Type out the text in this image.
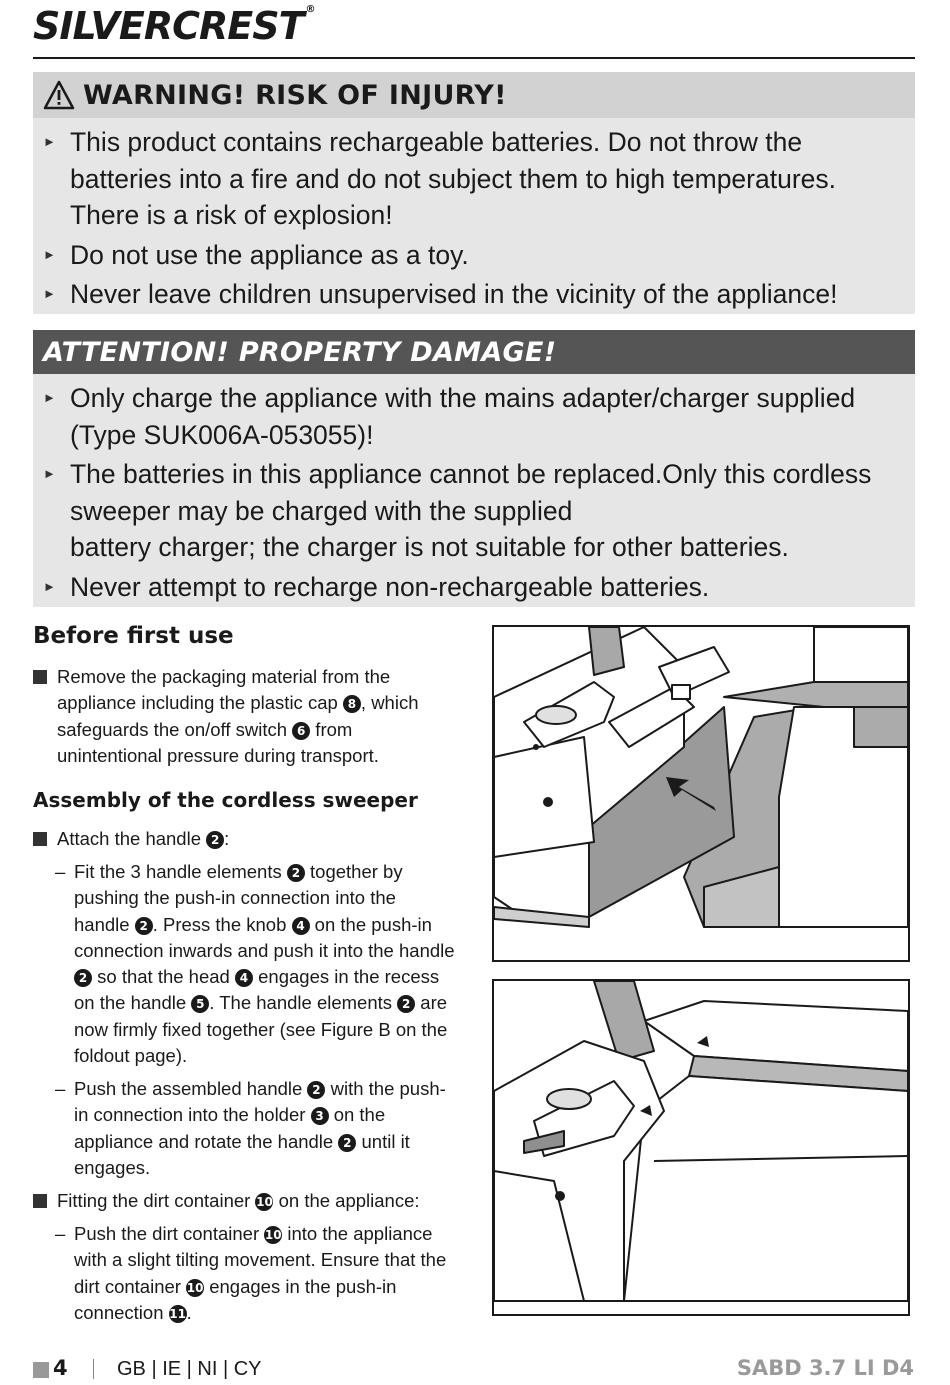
SILVERCREST ®
WARNING! RISK OF INJURY!
► This product contains rechargeable batteries. Do not throw the batteries into a fire and do not subject them to high temperatures. There is a risk of explosion!
► Do not use the appliance as a toy.
► Never leave children unsupervised in the vicinity of the appliance!
ATTENTION! PROPERTY DAMAGE!
► Only charge the appliance with the mains adapter/charger supplied (Type SUK006A-053055)!
► The batteries in this appliance cannot be replaced.Only this cordless sweeper may be charged with the supplied
battery charger; the charger is not suitable for other batteries.
► Never attempt to recharge non-rechargeable batteries.
Before first use
Remove the packaging material from the appliance including the plastic cap 8 , which safeguards the on/off switch 6 from unintentional pressure during transport.
Assembly of the cordless sweeper
Attach the handle 2 :
– Fit the 3 handle elements 2 together by pushing the push-in connection into the handle 2 . Press the knob 4 on the push-in connection inwards and push it into the handle 2 so that the head 4 engages in the recess on the handle 5 . The handle elements 2 are now firmly fixed together (see Figure B on the foldout page).
– Push the assembled handle 2 with the push-in connection into the holder 3 on the appliance and rotate the handle 2 until it engages.
Fitting the dirt container 10 on the appliance:
– Push the dirt container 10 into the appliance with a slight tilting movement. Ensure that the dirt container 10 engages in the push-in connection 11.
4 GB | IE | NI | CY	SABD 3.7 LI D4
